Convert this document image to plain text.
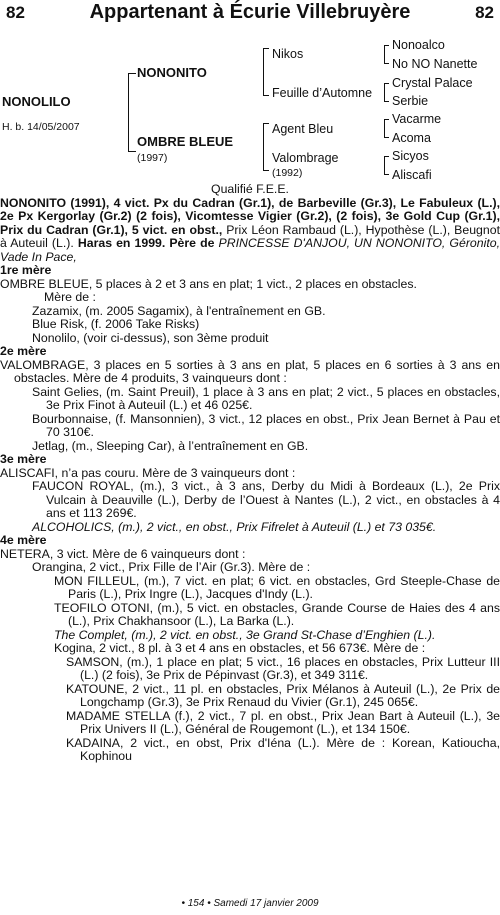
82	Appartenant à Écurie Villebruyère	82
NONOLILO
H. b. 14/05/2007
NONONITO
OMBRE BLEUE
(1997)
Nikos
Feuille d’Automne
Agent Bleu
Valombrage
(1992)
Nonoalco
No NO Nanette
Crystal Palace
Serbie
Vacarme
Acoma
Sicyos
Aliscafi

Qualifié F.E.E.

NONONITO (1991), 4 vict. Px du Cadran (Gr.1), de Barbeville (Gr.3), Le Fabuleux (L.), 2e Px Kergorlay (Gr.2) (2 fois), Vicomtesse Vigier (Gr.2), (2 fois), 3e Gold Cup (Gr.1), Prix du Cadran (Gr.1), 5 vict. en obst., Prix Léon Rambaud (L.), Hypothèse (L.), Beugnot à Auteuil (L.). Haras en 1999. Père de PRINCESSE D'ANJOU, UN NONONITO, Géronito, Vade In Pace,

1re mère

OMBRE BLEUE, 5 places à 2 et 3 ans en plat; 1 vict., 2 places en obstacles.

Mère de :

Zazamix, (m. 2005 Sagamix), à l'entraînement en GB.

Blue Risk, (f. 2006 Take Risks)

Nonolilo, (voir ci-dessus), son 3ème produit

2e mère

VALOMBRAGE, 3 places en 5 sorties à 3 ans en plat, 5 places en 6 sorties à 3 ans en obstacles. Mère de 4 produits, 3 vainqueurs dont :

Saint Gelies, (m. Saint Preuil), 1 place à 3 ans en plat; 2 vict., 5 places en obstacles, 3e Prix Finot à Auteuil (L.) et 46 025€.

Bourbonnaise, (f. Mansonnien), 3 vict., 12 places en obst., Prix Jean Bernet à Pau et 70 310€.

Jetlag, (m., Sleeping Car), à l’entraînement en GB.

3e mère

ALISCAFI, n’a pas couru. Mère de 3 vainqueurs dont :

FAUCON ROYAL, (m.), 3 vict., à 3 ans, Derby du Midi à Bordeaux (L.), 2e Prix Vulcain à Deauville (L.), Derby de l’Ouest à Nantes (L.), 2 vict., en obstacles à 4 ans et 113 269€.

ALCOHOLICS, (m.), 2 vict., en obst., Prix Fifrelet à Auteuil (L.) et 73 035€.

4e mère

NETERA, 3 vict. Mère de 6 vainqueurs dont :

Orangina, 2 vict., Prix Fille de l’Air (Gr.3). Mère de :

MON FILLEUL, (m.), 7 vict. en plat; 6 vict. en obstacles, Grd Steeple-Chase de Paris (L.), Prix Ingre (L.), Jacques d'Indy (L.).

TEOFILO OTONI, (m.), 5 vict. en obstacles, Grande Course de Haies des 4 ans (L.), Prix Chakhansoor (L.), La Barka (L.).

The Complet, (m.), 2 vict. en obst., 3e Grand St-Chase d’Enghien (L.).

Kogina, 2 vict., 8 pl. à 3 et 4 ans en obstacles, et 56 673€. Mère de :

SAMSON, (m.), 1 place en plat; 5 vict., 16 places en obstacles, Prix Lutteur III (L.) (2 fois), 3e Prix de Pépinvast (Gr.3), et 349 311€.

KATOUNE, 2 vict., 11 pl. en obstacles, Prix Mélanos à Auteuil (L.), 2e Prix de Longchamp (Gr.3), 3e Prix Renaud du Vivier (Gr.1), 245 065€.

MADAME STELLA (f.), 2 vict., 7 pl. en obst., Prix Jean Bart à Auteuil (L.), 3e Prix Univers II (L.), Général de Rougemont (L.), et 134 150€.

KADAINA, 2 vict., en obst, Prix d'Iéna (L.). Mère de : Korean, Katioucha, Kophinou

• 154 • Samedi 17 janvier 2009
